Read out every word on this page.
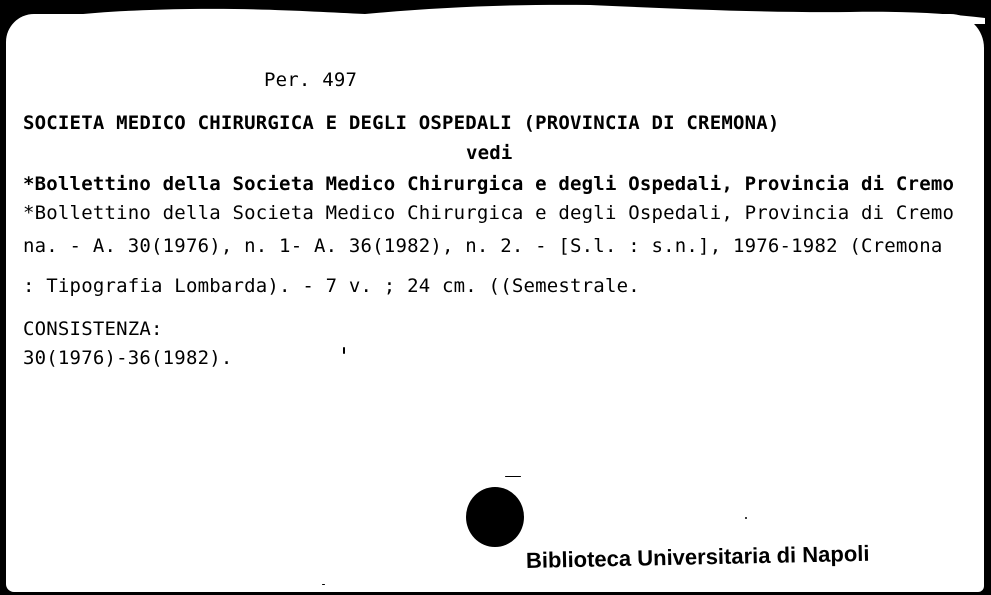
Per. 497
SOCIETA MEDICO CHIRURGICA E DEGLI OSPEDALI (PROVINCIA DI CREMONA)
vedi
*Bollettino della Societa Medico Chirurgica e degli Ospedali, Provincia di Cremo
*Bollettino della Societa Medico Chirurgica e degli Ospedali, Provincia di Cremo
na. - A. 30(1976), n. 1- A. 36(1982), n. 2. - [S.l. : s.n.], 1976-1982 (Cremona
: Tipografia Lombarda). - 7 v. ; 24 cm. ((Semestrale.
CONSISTENZA:
30(1976)-36(1982).
Biblioteca Universitaria di Napoli
